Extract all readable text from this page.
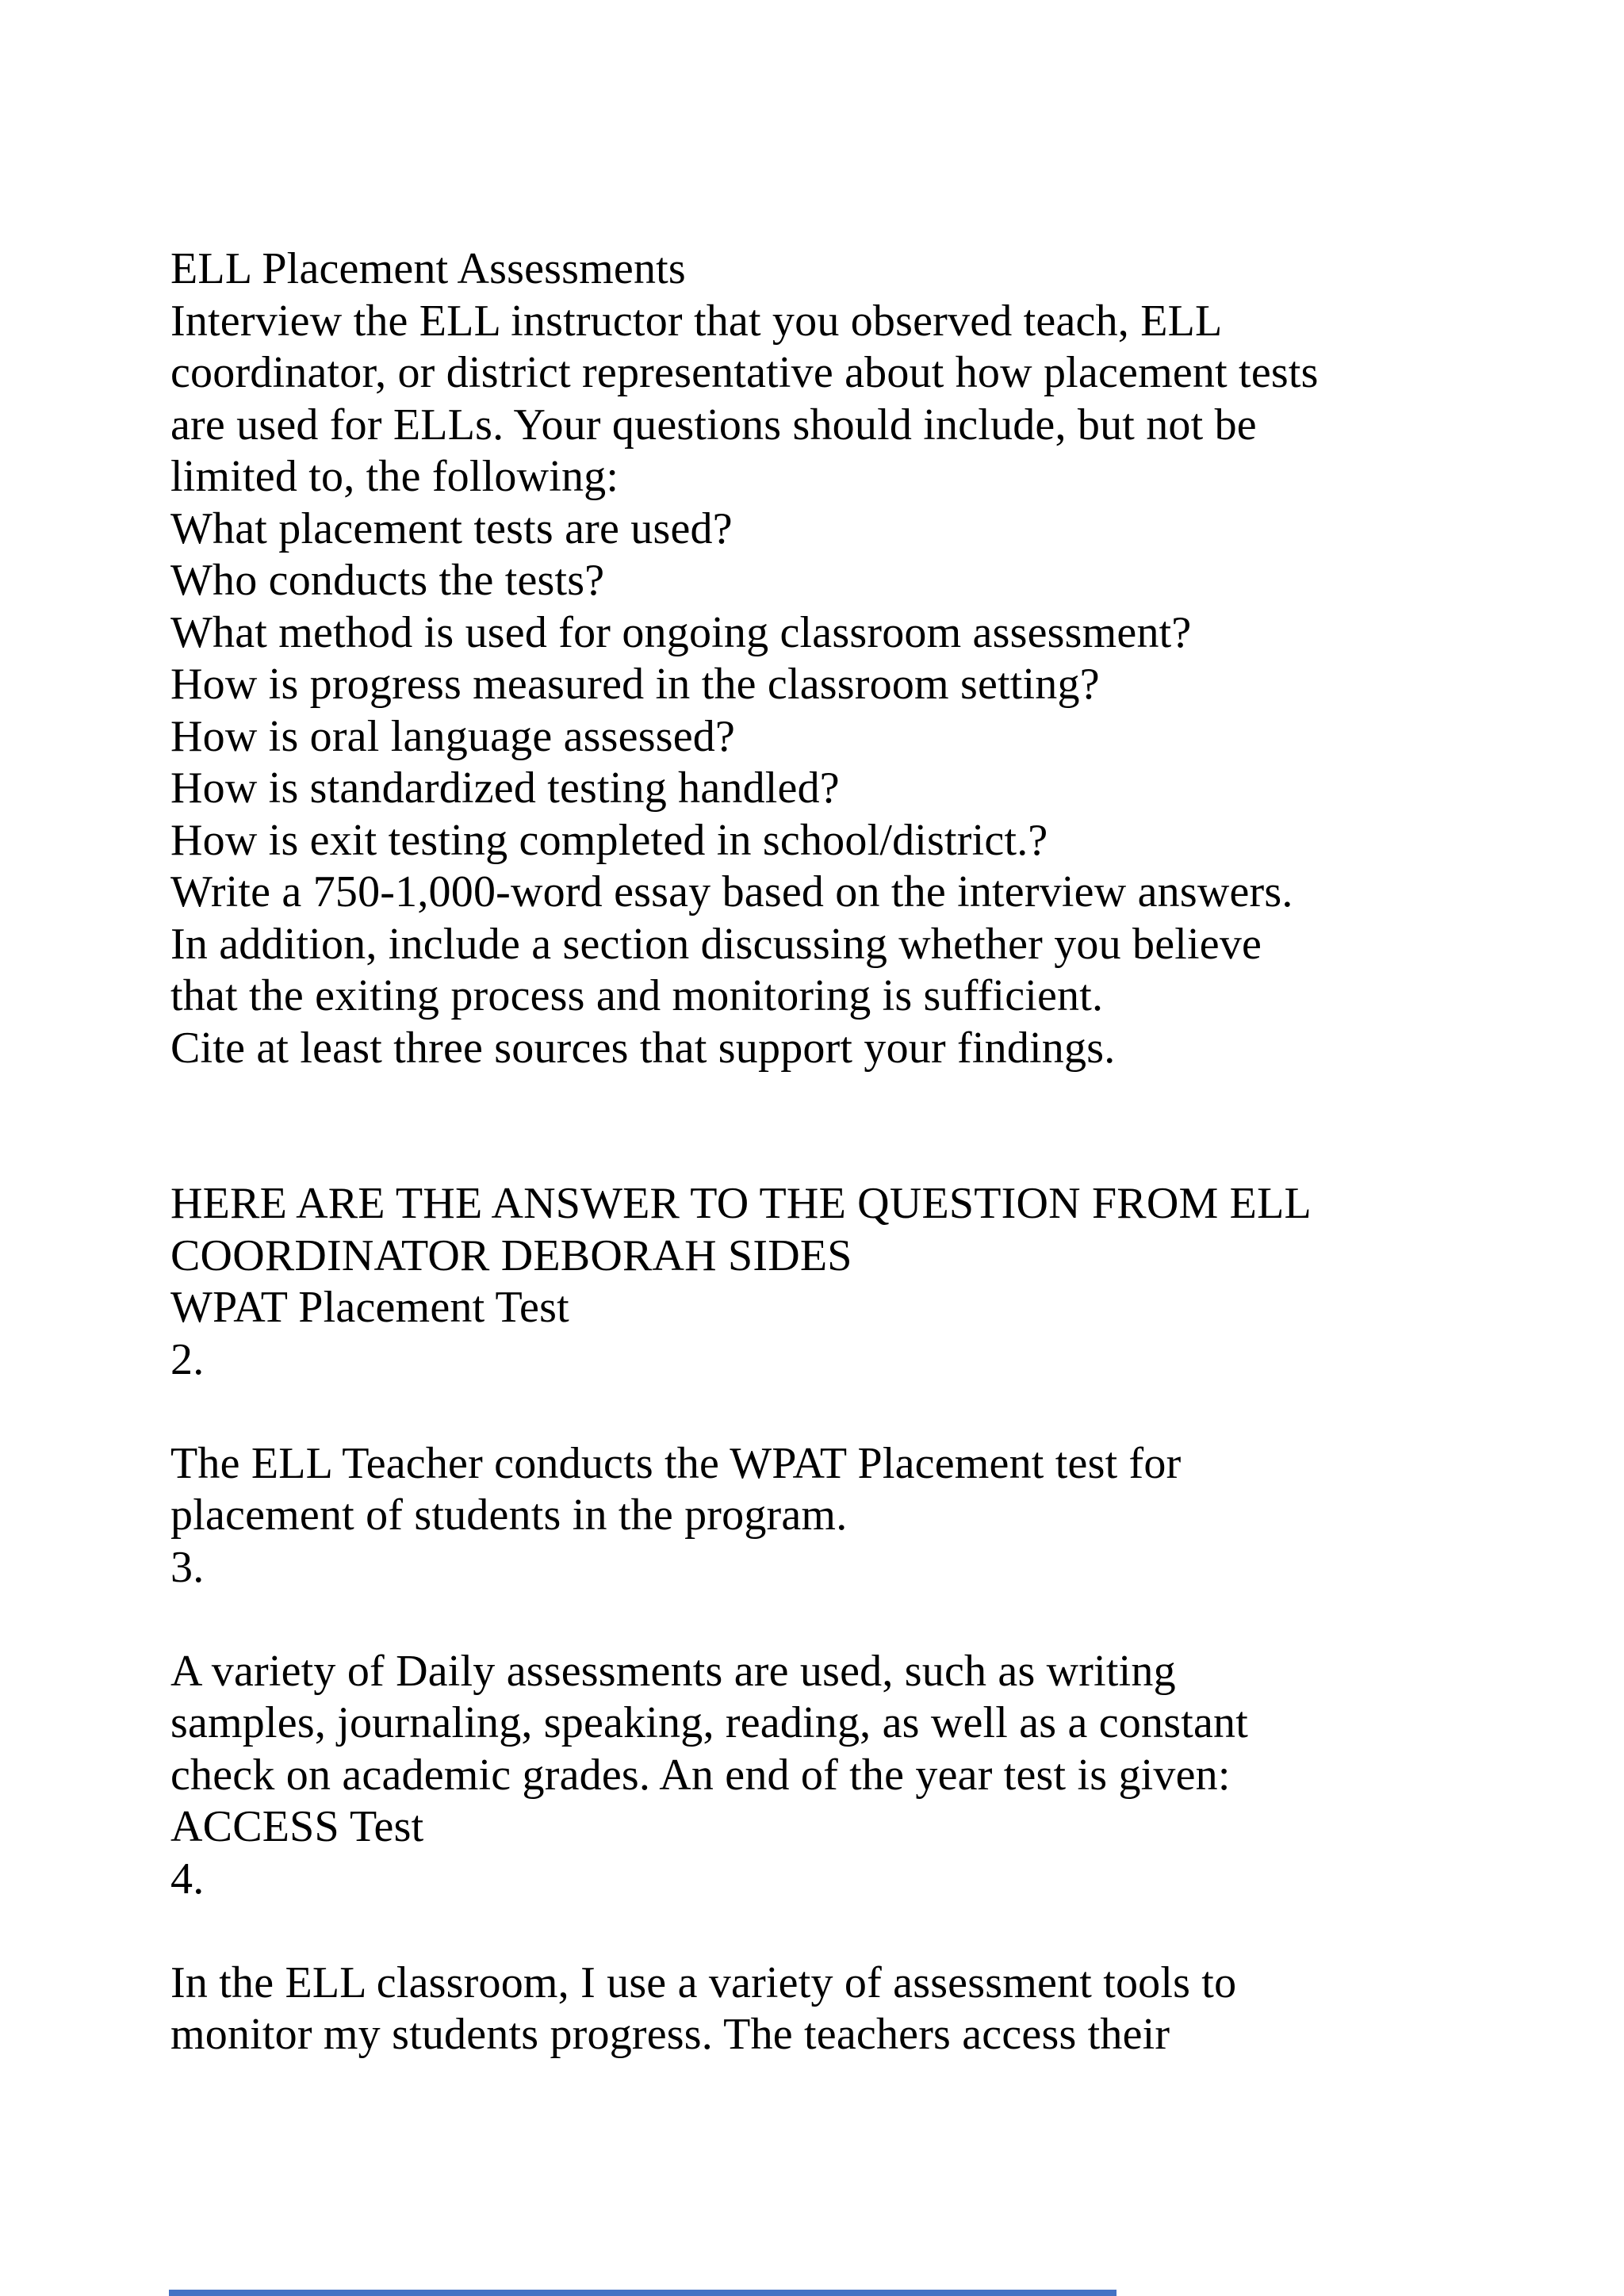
ELL Placement Assessments
Interview the ELL instructor that you observed teach, ELL
coordinator, or district representative about how placement tests
are used for ELLs. Your questions should include, but not be
limited to, the following:
What placement tests are used?
Who conducts the tests?
What method is used for ongoing classroom assessment?
How is progress measured in the classroom setting?
How is oral language assessed?
How is standardized testing handled?
How is exit testing completed in school/district.?
Write a 750-1,000-word essay based on the interview answers.
In addition, include a section discussing whether you believe
that the exiting process and monitoring is sufficient.
Cite at least three sources that support your findings.
HERE ARE THE ANSWER TO THE QUESTION FROM ELL
COORDINATOR DEBORAH SIDES
WPAT Placement Test
2.
The ELL Teacher conducts the WPAT Placement test for
placement of students in the program.
3.
A variety of Daily assessments are used, such as writing
samples, journaling, speaking, reading, as well as a constant
check on academic grades. An end of the year test is given:
ACCESS Test
4.
In the ELL classroom, I use a variety of assessment tools to
monitor my students progress. The teachers access their
